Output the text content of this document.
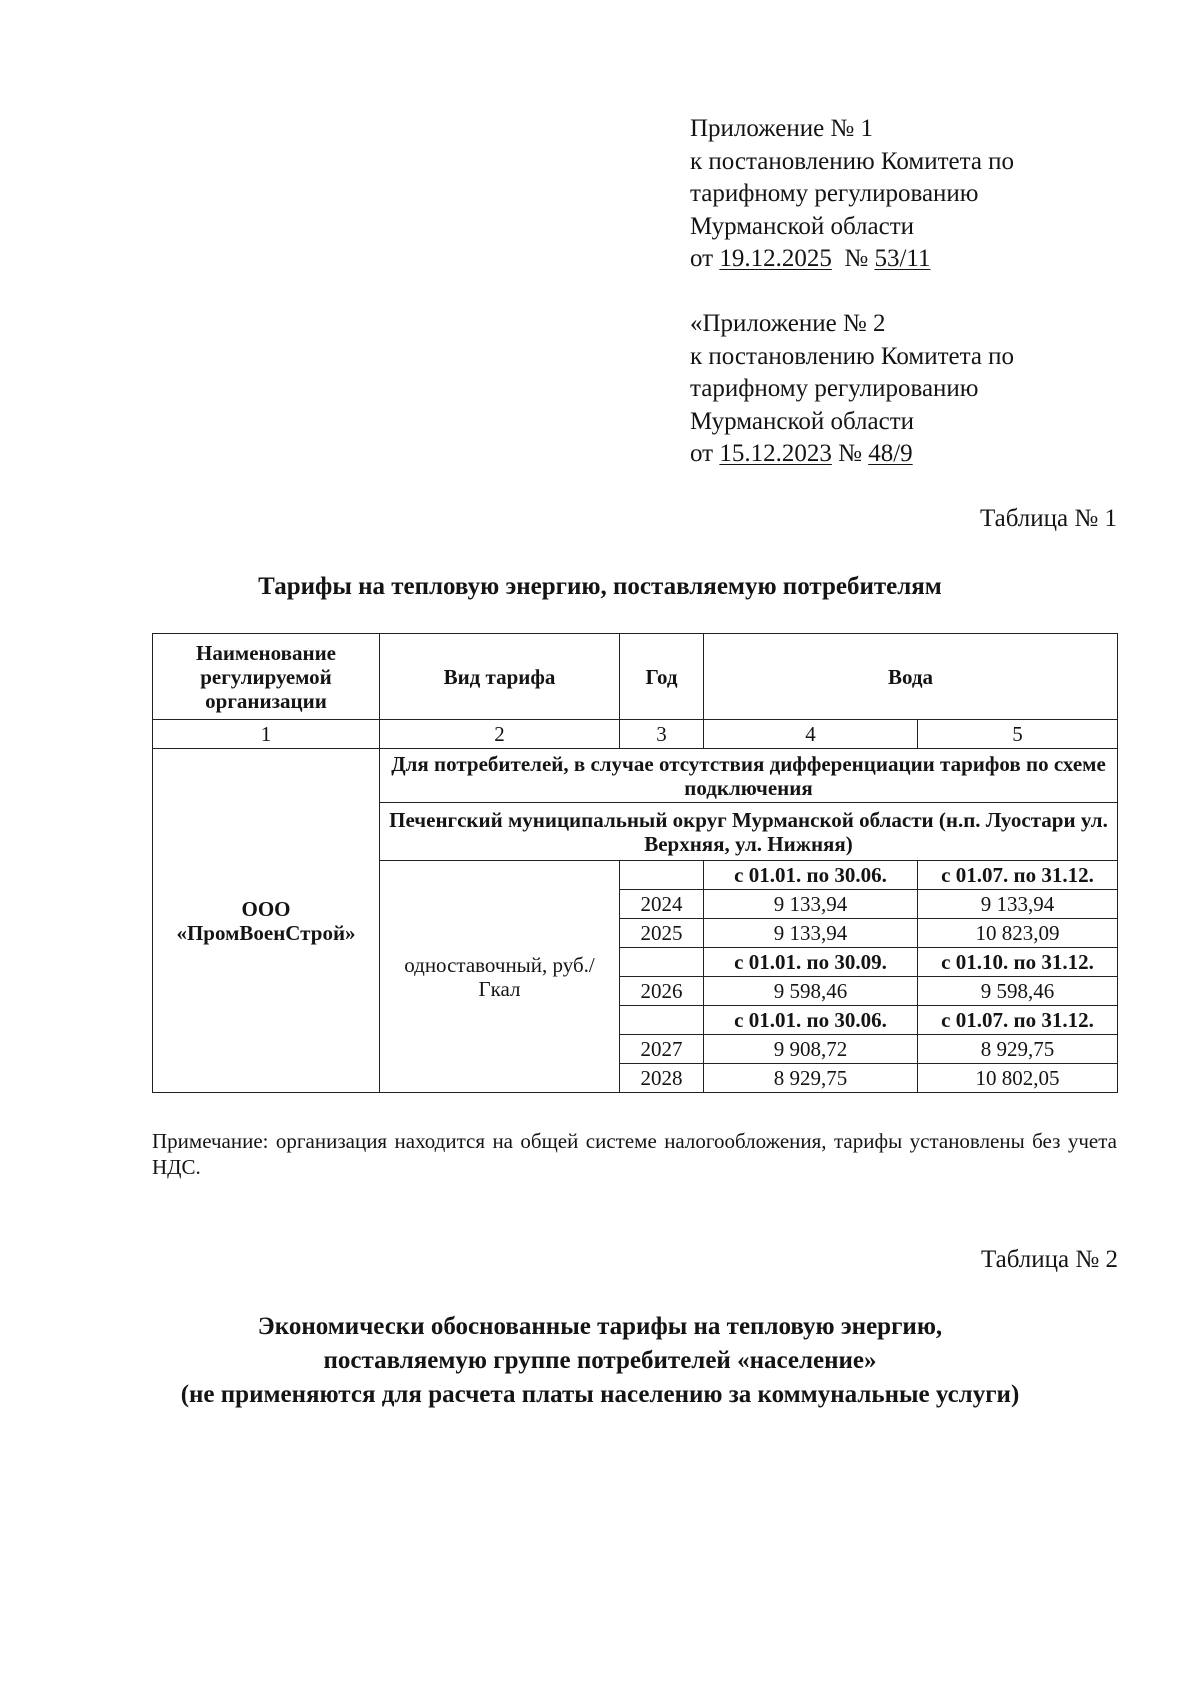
Приложение № 1
к постановлению Комитета по
тарифному регулированию
Мурманской области
от 19.12.2025 № 53/11
«Приложение № 2
к постановлению Комитета по
тарифному регулированию
Мурманской области
от 15.12.2023 № 48/9
Таблица № 1
Тарифы на тепловую энергию, поставляемую потребителям
Наименование регулируемой организации	Вид тарифа	Год	Вода	
1	2	3	4	5
ООО «ПромВоенСтрой»	Для потребителей, в случае отсутствия дифференциации тарифов по схеме подключения			
	Печенгский муниципальный округ Мурманской области (н.п. Луостари ул. Верхняя, ул. Нижняя)			
	одноставочный, руб./Гкал		с 01.01. по 30.06.	с 01.07. по 31.12.
		2024	9 133,94	9 133,94
		2025	9 133,94	10 823,09
			с 01.01. по 30.09.	с 01.10. по 31.12.
		2026	9 598,46	9 598,46
			с 01.01. по 30.06.	с 01.07. по 31.12.
		2027	9 908,72	8 929,75
		2028	8 929,75	10 802,05
Примечание: организация находится на общей системе налогообложения, тарифы установлены без учета НДС.
Таблица № 2
Экономически обоснованные тарифы на тепловую энергию,
поставляемую группе потребителей «население»
(не применяются для расчета платы населению за коммунальные услуги)
